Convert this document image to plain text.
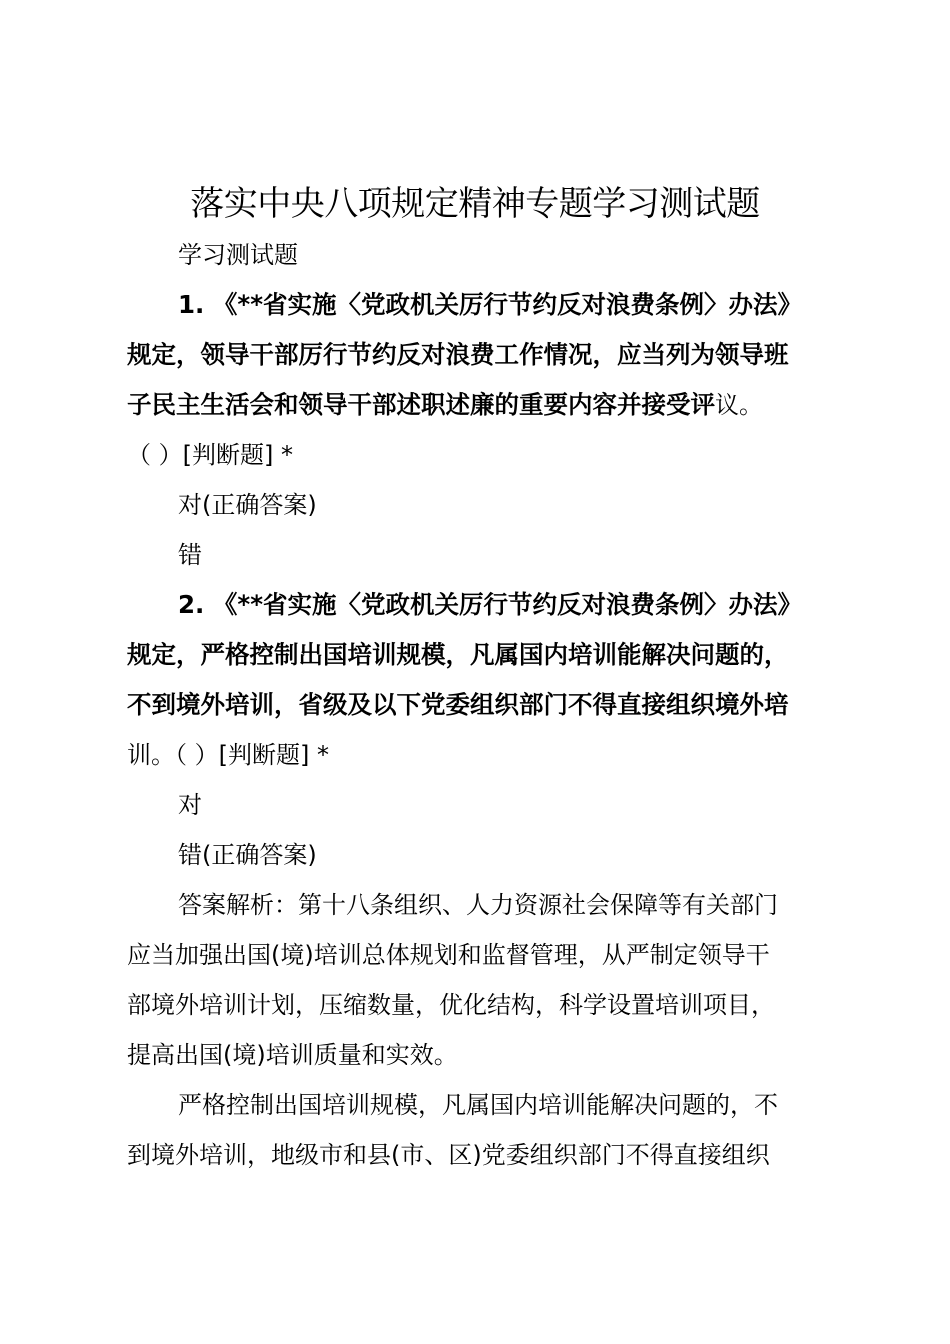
落实中央八项规定精神专题学习测试题
学习测试题
1. 《**省实施〈党政机关厉行节约反对浪费条例〉办法》
规定，领导干部厉行节约反对浪费工作情况，应当列为领导班
子民主生活会和领导干部述职述廉的重要内容并接受评议。
（ ）[判断题] *
对(正确答案)
错
2. 《**省实施〈党政机关厉行节约反对浪费条例〉办法》
规定，严格控制出国培训规模，凡属国内培训能解决问题的，
不到境外培训，省级及以下党委组织部门不得直接组织境外培
训。（ ）[判断题] *
对
错(正确答案)
答案解析：第十八条组织、人力资源社会保障等有关部门
应当加强出国(境)培训总体规划和监督管理，从严制定领导干
部境外培训计划，压缩数量，优化结构，科学设置培训项目，
提高出国(境)培训质量和实效。
严格控制出国培训规模，凡属国内培训能解决问题的，不
到境外培训，地级市和县(市、区)党委组织部门不得直接组织
